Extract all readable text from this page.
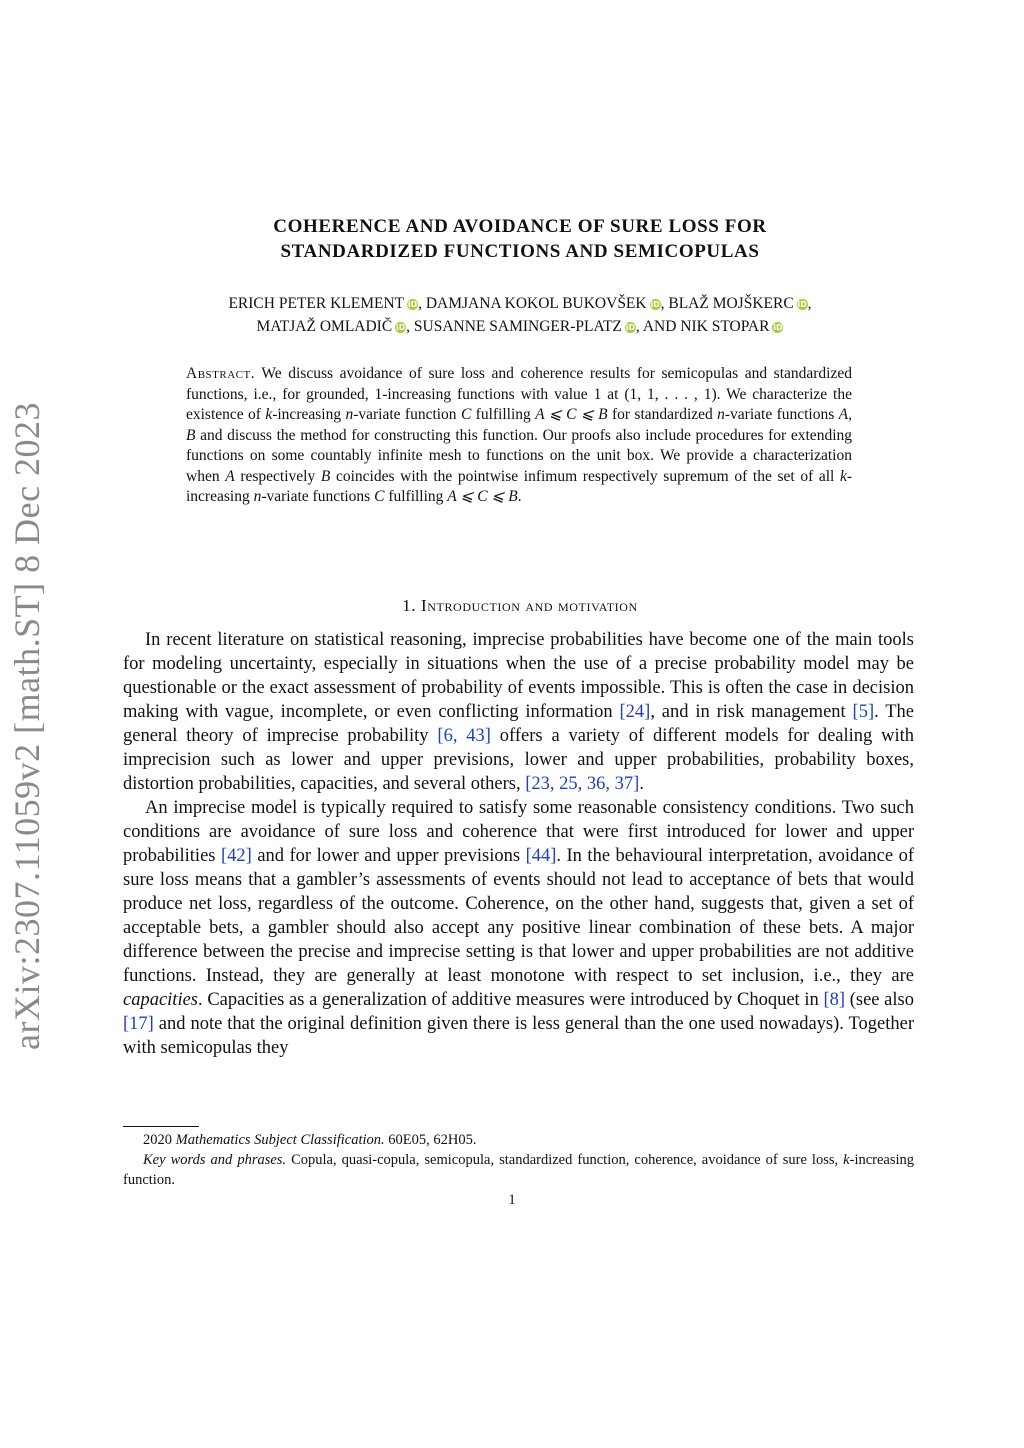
arXiv:2307.11059v2 [math.ST] 8 Dec 2023
COHERENCE AND AVOIDANCE OF SURE LOSS FOR
STANDARDIZED FUNCTIONS AND SEMICOPULAS
ERICH PETER KLEMENT iD, DAMJANA KOKOL BUKOVŠEK iD, BLAŽ MOJŠKERC iD,
MATJAŽ OMLADIČ iD, SUSANNE SAMINGER-PLATZ iD, AND NIK STOPAR iD
Abstract. We discuss avoidance of sure loss and coherence results for semicopulas and standardized functions, i.e., for grounded, 1-increasing functions with value 1 at (1, 1, . . . , 1). We characterize the existence of k-increasing n-variate function C fulfilling A ⩽ C ⩽ B for standardized n-variate functions A, B and discuss the method for constructing this function. Our proofs also include procedures for extending functions on some countably infinite mesh to functions on the unit box. We provide a characterization when A respectively B coincides with the pointwise infimum respectively supremum of the set of all k-increasing n-variate functions C fulfilling A ⩽ C ⩽ B.
1. Introduction and motivation

In recent literature on statistical reasoning, imprecise probabilities have become one of the main tools for modeling uncertainty, especially in situations when the use of a precise probability model may be questionable or the exact assessment of probability of events impossible. This is often the case in decision making with vague, incomplete, or even conflicting information [24], and in risk management [5]. The general theory of imprecise probability [6, 43] offers a variety of different models for dealing with imprecision such as lower and upper previsions, lower and upper probabilities, probability boxes, distortion probabilities, capacities, and several others, [23, 25, 36, 37].

An imprecise model is typically required to satisfy some reasonable consistency conditions. Two such conditions are avoidance of sure loss and coherence that were first introduced for lower and upper probabilities [42] and for lower and upper previsions [44]. In the behavioural interpretation, avoidance of sure loss means that a gambler’s assessments of events should not lead to acceptance of bets that would produce net loss, regardless of the outcome. Coherence, on the other hand, suggests that, given a set of acceptable bets, a gambler should also accept any positive linear combination of these bets. A major difference between the precise and imprecise setting is that lower and upper probabilities are not additive functions. Instead, they are generally at least monotone with respect to set inclusion, i.e., they are capacities. Capacities as a generalization of additive measures were introduced by Choquet in [8] (see also [17] and note that the original definition given there is less general than the one used nowadays). Together with semicopulas they

2020 Mathematics Subject Classification. 60E05, 62H05.

Key words and phrases. Copula, quasi-copula, semicopula, standardized function, coherence, avoidance of sure loss, k-increasing function.

1
